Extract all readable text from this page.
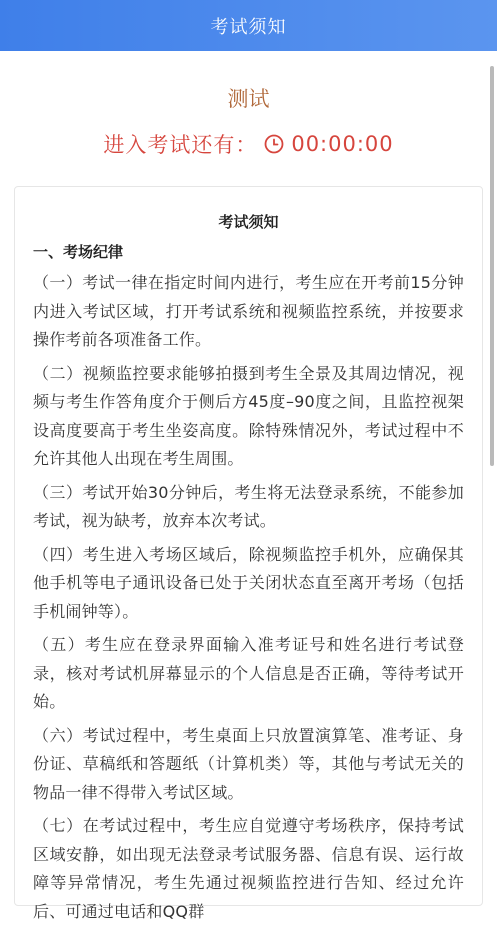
考试须知
测试
进入考试还有： 00:00:00
考试须知
一、考场纪律

（一）考试一律在指定时间内进行，考生应在开考前15分钟内进入考试区域，打开考试系统和视频监控系统，并按要求操作考前各项准备工作。

（二）视频监控要求能够拍摄到考生全景及其周边情况，视频与考生作答角度介于侧后方45度–90度之间，且监控视架设高度要高于考生坐姿高度。除特殊情况外，考试过程中不允许其他人出现在考生周围。

（三）考试开始30分钟后，考生将无法登录系统，不能参加考试，视为缺考，放弃本次考试。

（四）考生进入考场区域后，除视频监控手机外，应确保其他手机等电子通讯设备已处于关闭状态直至离开考场（包括手机闹钟等）。

（五）考生应在登录界面输入准考证号和姓名进行考试登录，核对考试机屏幕显示的个人信息是否正确，等待考试开始。

（六）考试过程中，考生桌面上只放置演算笔、准考证、身份证、草稿纸和答题纸（计算机类）等，其他与考试无关的物品一律不得带入考试区域。

（七）在考试过程中，考生应自觉遵守考场秩序，保持考试区域安静，如出现无法登录考试服务器、信息有误、运行故障等异常情况，考生先通过视频监控进行告知、经过允许后、可通过电话和QQ群
